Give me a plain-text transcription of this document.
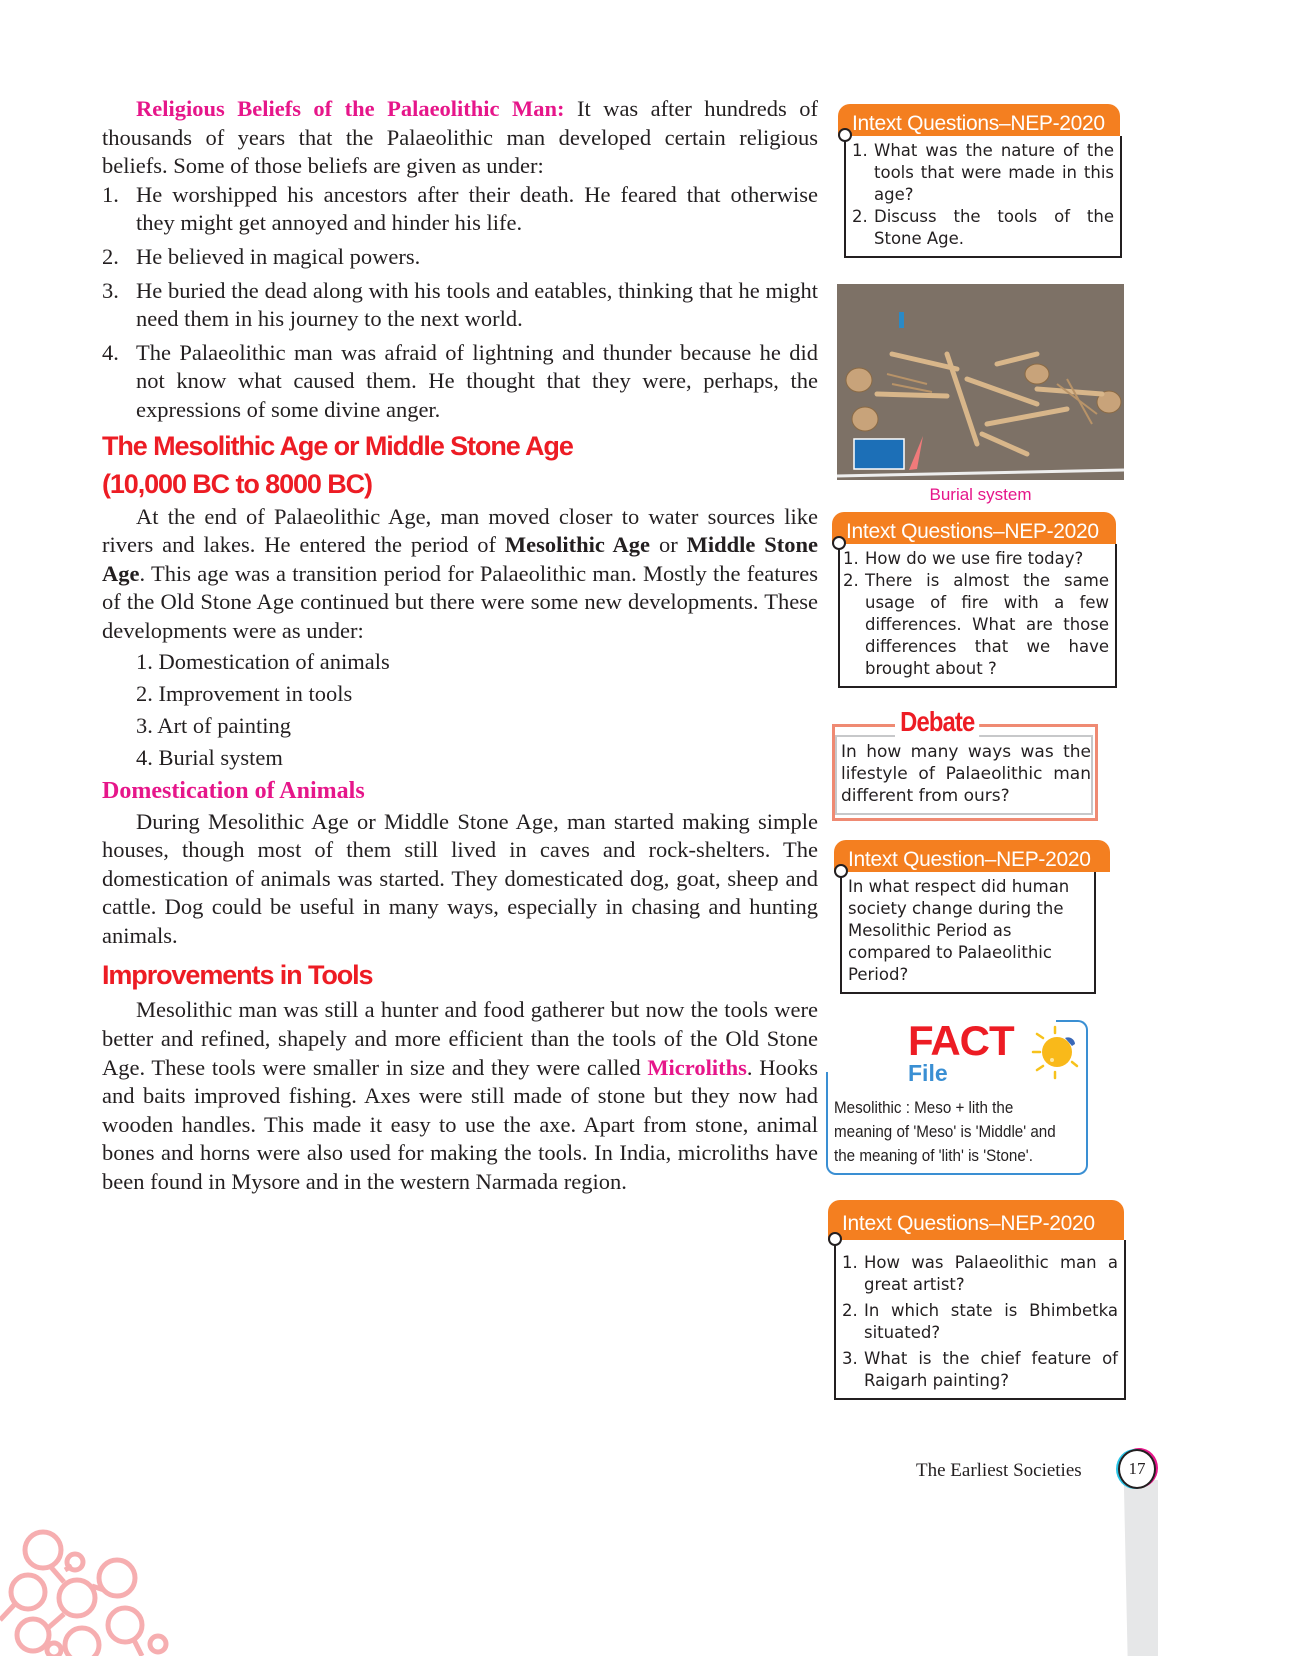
Religious Beliefs of the Palaeolithic Man: It was after hundreds of thousands of years that the Palaeolithic man developed certain religious beliefs. Some of those beliefs are given as under:

1. He worshipped his ancestors after their death. He feared that otherwise they might get annoyed and hinder his life.
2. He believed in magical powers.
3. He buried the dead along with his tools and eatables, thinking that he might need them in his journey to the next world.
4. The Palaeolithic man was afraid of lightning and thunder because he did not know what caused them. He thought that they were, perhaps, the expressions of some divine anger.
The Mesolithic Age or Middle Stone Age
(10,000 BC to 8000 BC)

At the end of Palaeolithic Age, man moved closer to water sources like rivers and lakes. He entered the period of Mesolithic Age or Middle Stone Age. This age was a transition period for Palaeolithic man. Mostly the features of the Old Stone Age continued but there were some new developments. These developments were as under:

1. Domestication of animals
2. Improvement in tools
3. Art of painting
4. Burial system
Domestication of Animals

During Mesolithic Age or Middle Stone Age, man started making simple houses, though most of them still lived in caves and rock-shelters. The domestication of animals was started. They domesticated dog, goat, sheep and cattle. Dog could be useful in many ways, especially in chasing and hunting animals.

Improvements in Tools

Mesolithic man was still a hunter and food gatherer but now the tools were better and refined, shapely and more efficient than the tools of the Old Stone Age. These tools were smaller in size and they were called Microliths. Hooks and baits improved fishing. Axes were still made of stone but they now had wooden handles. This made it easy to use the axe. Apart from stone, animal bones and horns were also used for making the tools. In India, microliths have been found in Mysore and in the western Narmada region.

Intext Questions–NEP-2020
1. What was the nature of the tools that were made in this age?
2. Discuss the tools of the Stone Age.
Burial system
Intext Questions–NEP-2020
1. How do we use fire today?
2. There is almost the same usage of fire with a few differences. What are those differences that we have brought about ?
Debate
In how many ways was the lifestyle of Palaeolithic man different from ours?
Intext Question–NEP-2020

In what respect did human society change during the Mesolithic Period as compared to Palaeolithic Period?

FACT
File
Mesolithic : Meso + lith the meaning of 'Meso' is 'Middle' and the meaning of 'lith' is 'Stone'.
Intext Questions–NEP-2020
1. How was Palaeolithic man a great artist?
2. In which state is Bhimbetka situated?
3. What is the chief feature of Raigarh painting?
The Earliest Societies	17
